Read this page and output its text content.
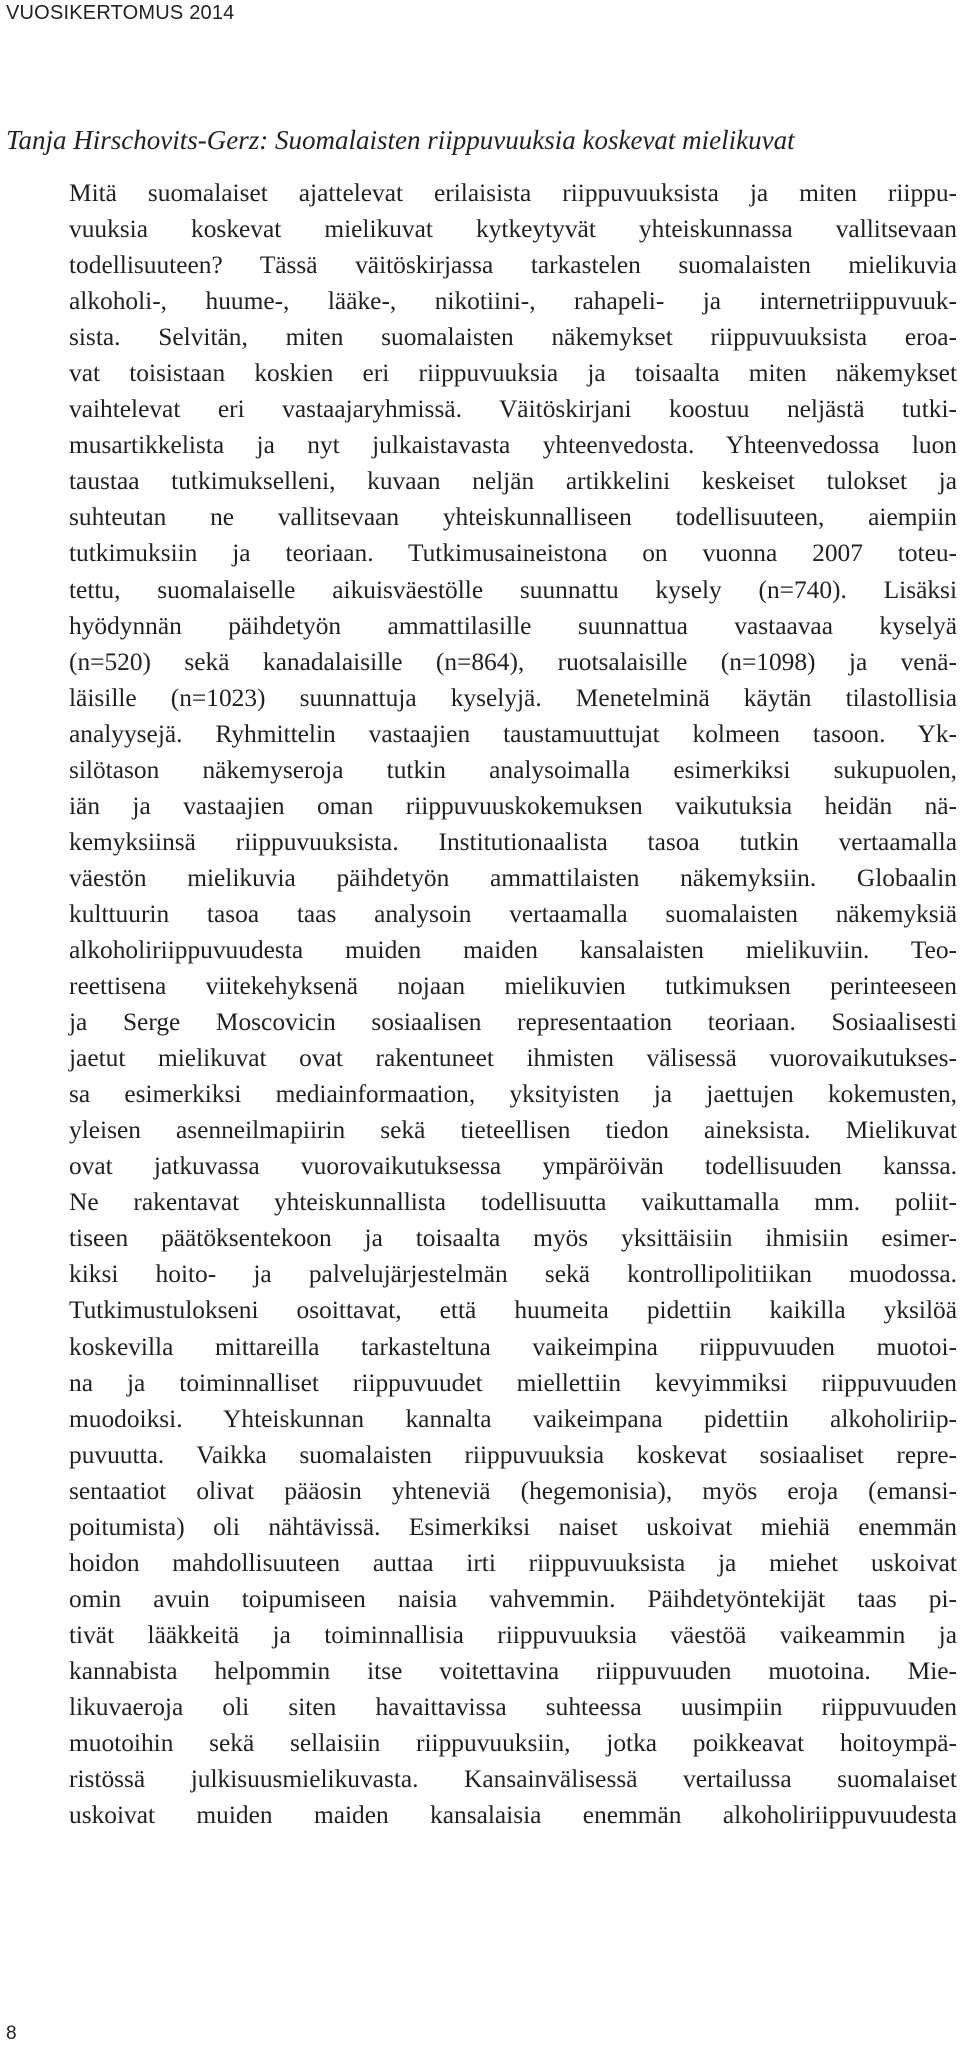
VUOSIKERTOMUS 2014
Tanja Hirschovits-Gerz: Suomalaisten riippuvuuksia koskevat mielikuvat
Mitä suomalaiset ajattelevat erilaisista riippuvuuksista ja miten riippu-
vuuksia koskevat mielikuvat kytkeytyvät yhteiskunnassa vallitsevaan
todellisuuteen? Tässä väitöskirjassa tarkastelen suomalaisten mielikuvia
alkoholi-, huume-, lääke-, nikotiini-, rahapeli- ja internetriippuvuuk-
sista. Selvitän, miten suomalaisten näkemykset riippuvuuksista eroa-
vat toisistaan koskien eri riippuvuuksia ja toisaalta miten näkemykset
vaihtelevat eri vastaajaryhmissä. Väitöskirjani koostuu neljästä tutki-
musartikkelista ja nyt julkaistavasta yhteenvedosta. Yhteenvedossa luon
taustaa tutkimukselleni, kuvaan neljän artikkelini keskeiset tulokset ja
suhteutan ne vallitsevaan yhteiskunnalliseen todellisuuteen, aiempiin
tutkimuksiin ja teoriaan. Tutkimusaineistona on vuonna 2007 toteu-
tettu, suomalaiselle aikuisväestölle suunnattu kysely (n=740). Lisäksi
hyödynnän päihdetyön ammattilasille suunnattua vastaavaa kyselyä
(n=520) sekä kanadalaisille (n=864), ruotsalaisille (n=1098) ja venä-
läisille (n=1023) suunnattuja kyselyjä. Menetelminä käytän tilastollisia
analyysejä. Ryhmittelin vastaajien taustamuuttujat kolmeen tasoon. Yk-
silötason näkemyseroja tutkin analysoimalla esimerkiksi sukupuolen,
iän ja vastaajien oman riippuvuuskokemuksen vaikutuksia heidän nä-
kemyksiinsä riippuvuuksista. Institutionaalista tasoa tutkin vertaamalla
väestön mielikuvia päihdetyön ammattilaisten näkemyksiin. Globaalin
kulttuurin tasoa taas analysoin vertaamalla suomalaisten näkemyksiä
alkoholiriippuvuudesta muiden maiden kansalaisten mielikuviin. Teo-
reettisena viitekehyksenä nojaan mielikuvien tutkimuksen perinteeseen
ja Serge Moscovicin sosiaalisen representaation teoriaan. Sosiaalisesti
jaetut mielikuvat ovat rakentuneet ihmisten välisessä vuorovaikutukses-
sa esimerkiksi mediainformaation, yksityisten ja jaettujen kokemusten,
yleisen asenneilmapiirin sekä tieteellisen tiedon aineksista. Mielikuvat
ovat jatkuvassa vuorovaikutuksessa ympäröivän todellisuuden kanssa.
Ne rakentavat yhteiskunnallista todellisuutta vaikuttamalla mm. poliit-
tiseen päätöksentekoon ja toisaalta myös yksittäisiin ihmisiin esimer-
kiksi hoito- ja palvelujärjestelmän sekä kontrollipolitiikan muodossa.
Tutkimustulokseni osoittavat, että huumeita pidettiin kaikilla yksilöä
koskevilla mittareilla tarkasteltuna vaikeimpina riippuvuuden muotoi-
na ja toiminnalliset riippuvuudet miellettiin kevyimmiksi riippuvuuden
muodoiksi. Yhteiskunnan kannalta vaikeimpana pidettiin alkoholiriip-
puvuutta. Vaikka suomalaisten riippuvuuksia koskevat sosiaaliset repre-
sentaatiot olivat pääosin yhteneviä (hegemonisia), myös eroja (emansi-
poitumista) oli nähtävissä. Esimerkiksi naiset uskoivat miehiä enemmän
hoidon mahdollisuuteen auttaa irti riippuvuuksista ja miehet uskoivat
omin avuin toipumiseen naisia vahvemmin. Päihdetyöntekijät taas pi-
tivät lääkkeitä ja toiminnallisia riippuvuuksia väestöä vaikeammin ja
kannabista helpommin itse voitettavina riippuvuuden muotoina. Mie-
likuvaeroja oli siten havaittavissa suhteessa uusimpiin riippuvuuden
muotoihin sekä sellaisiin riippuvuuksiin, jotka poikkeavat hoitoympä-
ristössä julkisuusmielikuvasta. Kansainvälisessä vertailussa suomalaiset
uskoivat muiden maiden kansalaisia enemmän alkoholiriippuvuudesta
8
